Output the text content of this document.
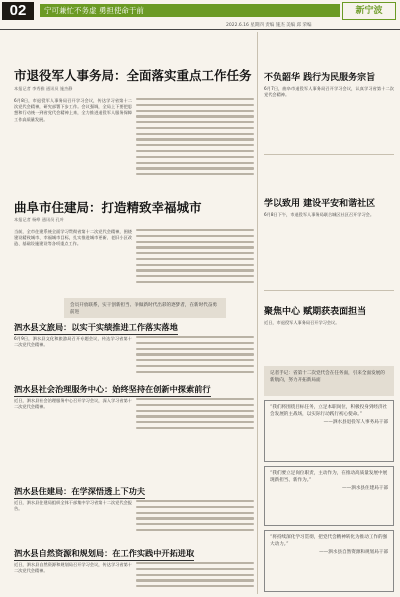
02	宁可兼忙不务虚 勇担使命于前	新宁波
2022.6.16 星期四 责编 施杰 美编 邱 荣编
市退役军人事务局：全面落实重点工作任务
本报记者 李秀雅 通讯员 施杰静
6月8日，市退役军人事务局召开学习会议，传达学习省第十二次党代会精神，研究部署下步工作。会议强调，全局上下要把思想和行动统一到省党代会精神上来，全力推进退役军人服务保障工作高质量发展。
曲阜市住建局：打造精致幸福城市
本报记者 杨峥 通讯员 孔叶
当前，全市住建系统全面学习贯彻省第十二次党代会精神，围绕建设精致城市、幸福城市目标，扎实推进城市更新、老旧小区改造、基础设施建设等各项重点工作。
会员开放联系，实干创新担当、争做新时代出彩的逐梦者，在新时代奋勇前进
泗水县文旅局：以实干实绩推进工作落实落地
6月9日，泗水县文化和旅游局召开专题会议，传达学习省第十二次党代会精神。
泗水县社会治理服务中心：始终坚持在创新中探索前行
近日，泗水县社会治理服务中心召开学习会议，深入学习省第十二次党代会精神。
泗水县住建局：在学深悟透上下功夫
近日，泗水县住建局组织全体干部集中学习省第十二次党代会报告。
泗水县自然资源和规划局：在工作实践中开拓进取
近日，泗水县自然资源和规划局召开学习会议，传达学习省第十二次党代会精神。
不负韶华 践行为民服务宗旨
6月7日，曲阜市退役军人事务局召开学习会议，认真学习省第十二次党代会精神。
学以致用 建设平安和谐社区
6月8日下午，市退役军人事务局联合城区社区召开学习会。
聚焦中心 赋期获表面担当
近日，市退役军人事务局召开学习会议。
记者手记：省第十二次党代会在任务面，引来全面发展的新航向，努力开拓新局面
“我们将围绕目标任务，立足本职岗位，积极投身到经济社会发展的主战场，以实际行动践行初心使命。”
——泗水县退役军人事务局干部
“我们要立足岗位职责，主动作为，在推动高质量发展中展现新担当、新作为。”
——泗水县住建局干部
“将持续深化学习贯彻，把党代会精神转化为推动工作的强大动力。”
——泗水县自然资源和规划局干部
